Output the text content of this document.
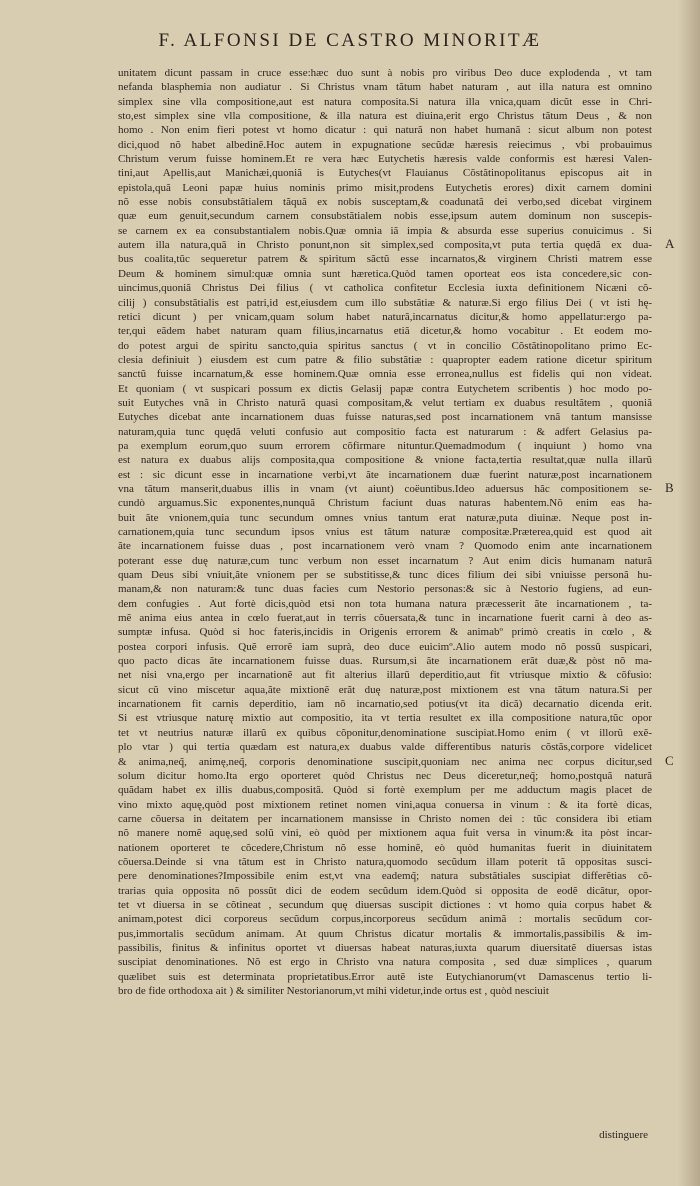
F. ALFONSI DE CASTRO MINORITÆ
unitatem dicunt passam in cruce esse:hæc duo sunt à nobis pro viribus Deo duce explodenda , vt tam
nefanda blasphemia non audiatur . Si Christus vnam tãtum habet naturam , aut illa natura est omnino
simplex sine vlla compositione,aut est natura composita.Si natura illa vnica,quam dicũt esse in Chri-
sto,est simplex sine vlla compositione, & illa natura est diuina,erit ergo Christus tãtum Deus , & non
homo . Non enim fieri potest vt homo dicatur : qui naturã non habet humanã : sicut album non potest
dici,quod nõ habet albedinẽ.Hoc autem in expugnatione secũdæ hæresis reiecimus , vbi probauimus
Christum verum fuisse hominem.Et re vera hæc Eutychetis hæresis valde conformis est hæresi Valen-
tini,aut Apellis,aut Manichæi,quoniã is Eutyches(vt Flauianus Cõstãtinopolitanus episcopus ait in
epistola,quã Leoni papæ huius nominis primo misit,prodens Eutychetis erores) dixit carnem domini
nõ esse nobis consubstãtialem tãquã ex nobis susceptam,& coadunatã dei verbo,sed dicebat virginem
quæ eum genuit,secundum carnem consubstãtialem nobis esse,ipsum autem dominum non suscepis-
se carnem ex ea consubstantialem nobis.Quæ omnia iã impia & absurda esse superius conuicimus . Si
autem illa natura,quã in Christo ponunt,non sit simplex,sed composita,vt puta tertia quędã ex dua-
bus coalita,tũc sequeretur patrem & spiritum sãctũ esse incarnatos,& virginem Christi matrem esse
Deum & hominem simul:quæ omnia sunt hæretica.Quòd tamen oporteat eos ista concedere,sic con-
uincimus,quoniã Christus Dei filius ( vt catholica confitetur Ecclesia iuxta definitionem Nicæni cõ-
cilij ) consubstãtialis est patri,id est,eiusdem cum illo substãtiæ & naturæ.Si ergo filius Dei ( vt isti hę-
retici dicunt ) per vnicam,quam solum habet naturã,incarnatus dicitur,& homo appellatur:ergo pa-
ter,qui eãdem habet naturam quam filius,incarnatus etiã dicetur,& homo vocabitur . Et eodem mo-
do potest argui de spiritu sancto,quia spiritus sanctus ( vt in concilio Cõstãtinopolitano primo Ec-
clesia definiuit ) eiusdem est cum patre & filio substãtiæ : quapropter eadem ratione dicetur spiritum
sanctũ fuisse incarnatum,& esse hominem.Quæ omnia esse erronea,nullus est fidelis qui non videat.
Et quoniam ( vt suspicari possum ex dictis Gelasij papæ contra Eutychetem scribentis ) hoc modo po-
suit Eutyches vnã in Christo naturã quasi compositam,& velut tertiam ex duabus resultãtem , quoniã
Eutyches dicebat ante incarnationem duas fuisse naturas,sed post incarnationem vnã tantum mansisse
naturam,quia tunc quędã veluti confusio aut compositio facta est naturarum : & adfert Gelasius pa-
pa exemplum eorum,quo suum errorem cõfirmare nituntur.Quemadmodum ( inquiunt ) homo vna
est natura ex duabus alijs composita,qua compositione & vnione facta,tertia resultat,quæ nulla illarũ
est : sic dicunt esse in incarnatione verbi,vt ãte incarnationem duæ fuerint naturæ,post incarnationem
vna tãtum manserit,duabus illis in vnam (vt aiunt) coëuntibus.Ideo aduersus hãc compositionem se-
cundò arguamus.Sic exponentes,nunquã Christum faciunt duas naturas habentem.Nõ enim eas ha-
buit ãte vnionem,quia tunc secundum omnes vnius tantum erat naturæ,puta diuinæ. Neque post in-
carnationem,quia tunc secundum ipsos vnius est tãtum naturæ compositæ.Præterea,quid est quod ait
ãte incarnationem fuisse duas , post incarnationem verò vnam ? Quomodo enim ante incarnationem
poterant esse duę naturæ,cum tunc verbum non esset incarnatum ? Aut enim dicis humanam naturã
quam Deus sibi vniuit,ãte vnionem per se substitisse,& tunc dices filium dei sibi vniuisse personã hu-
manam,& non naturam:& tunc duas facies cum Nestorio personas:& sic à Nestorio fugiens, ad eun-
dem confugies . Aut fortè dicis,quòd etsi non tota humana natura præcesserit ãte incarnationem , ta-
mẽ anima eius antea in cœlo fuerat,aut in terris cõuersata,& tunc in incarnatione fuerit carni à deo as-
sumptæ infusa. Quòd si hoc fateris,incidis in Origenis errorem & animabº primò creatis in cœlo , &
postea corpori infusis. Quẽ errorẽ iam suprà, deo duce euicimº.Alio autem modo nõ possũ suspicari,
quo pacto dicas ãte incarnationem fuisse duas. Rursum,si ãte incarnationem erãt duæ,& pòst nõ ma-
net nisi vna,ergo per incarnationẽ aut fit alterius illarũ deperditio,aut fit vtriusque mixtio & cõfusio:
sicut cũ vino miscetur aqua,ãte mixtionẽ erãt duę naturæ,post mixtionem est vna tãtum natura.Si per
incarnationem fit carnis deperditio, iam nõ incarnatio,sed potius(vt ita dicã) decarnatio dicenda erit.
Si est vtriusque naturę mixtio aut compositio, ita vt tertia resultet ex illa compositione natura,tũc opor
tet vt neutrius naturæ illarũ ex quibus cõponitur,denominatione suscipiat.Homo enim ( vt illorũ exẽ-
plo vtar ) qui tertia quædam est natura,ex duabus valde differentibus naturis cõstãs,corpore videlicet
& anima,neq̃, animę,neq̃, corporis denominatione suscipit,quoniam nec anima nec corpus dicitur,sed
solum dicitur homo.Ita ergo oporteret quòd Christus nec Deus diceretur,neq̃; homo,postquã naturã
quãdam habet ex illis duabus,compositã. Quòd si fortè exemplum per me adductum magis placet de
vino mixto aquę,quòd post mixtionem retinet nomen vini,aqua conuersa in vinum : & ita fortè dicas,
carne cõuersa in deitatem per incarnationem mansisse in Christo nomen dei : tũc considera ibi etiam
nõ manere nomẽ aquę,sed solũ vini, eò quòd per mixtionem aqua fuit versa in vinum:& ita pòst incar-
nationem oporteret te cõcedere,Christum nõ esse hominẽ, eò quòd humanitas fuerit in diuinitatem
cõuersa.Deinde si vna tãtum est in Christo natura,quomodo secũdum illam poterit tã oppositas susci-
pere denominationes?Impossibile enim est,vt vna eademq̃; natura substãtiales suscipiat differẽtias cõ-
trarias quia opposita nõ possũt dici de eodem secũdum idem.Quòd si opposita de eodẽ dicãtur, opor-
tet vt diuersa in se cõtineat , secundum quę diuersas suscipit dictiones : vt homo quia corpus habet &
animam,potest dici corporeus secũdum corpus,incorporeus secũdum animã : mortalis secũdum cor-
pus,immortalis secũdum animam. At quum Christus dicatur mortalis & immortalis,passibilis & im-
passibilis, finitus & infinitus oportet vt diuersas habeat naturas,iuxta quarum diuersitatẽ diuersas istas
suscipiat denominationes. Nõ est ergo in Christo vna natura composita , sed duæ simplices , quarum
quælibet suis est determinata proprietatibus.Error autẽ iste Eutychianorum(vt Damascenus tertio li-
bro de fide orthodoxa ait ) & similiter Nestorianorum,vt mihi videtur,inde ortus est , quòd nesciuit
A
B
C
distinguere
